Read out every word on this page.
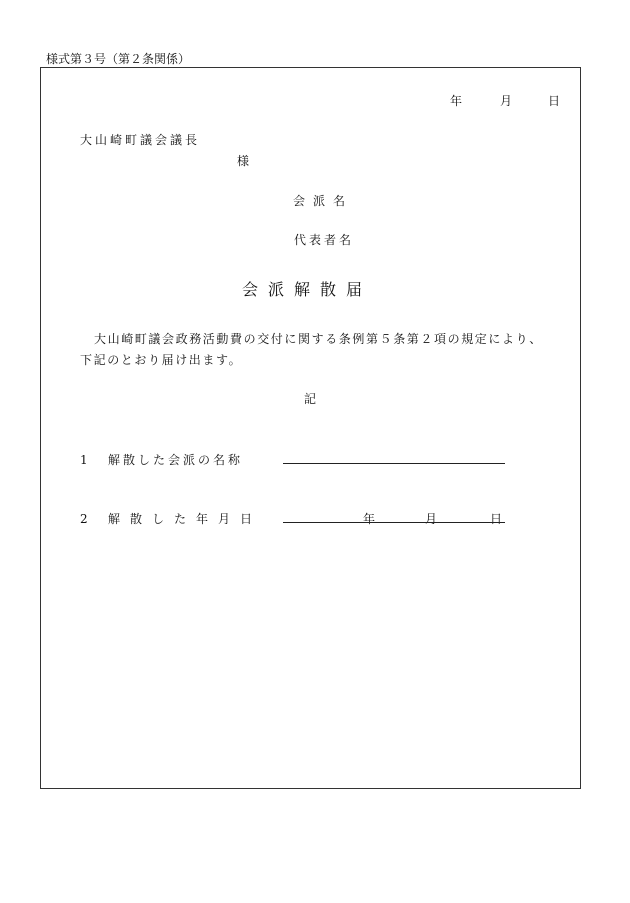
様式第３号（第２条関係）
年	月	日
大山崎町議会議長
様
会派名
代表者名
会派解散届
大山崎町議会政務活動費の交付に関する条例第５条第２項の規定により、下記のとおり届け出ます。
記
1 解散した会派の名称
2 解散した年月日	年	月	日
